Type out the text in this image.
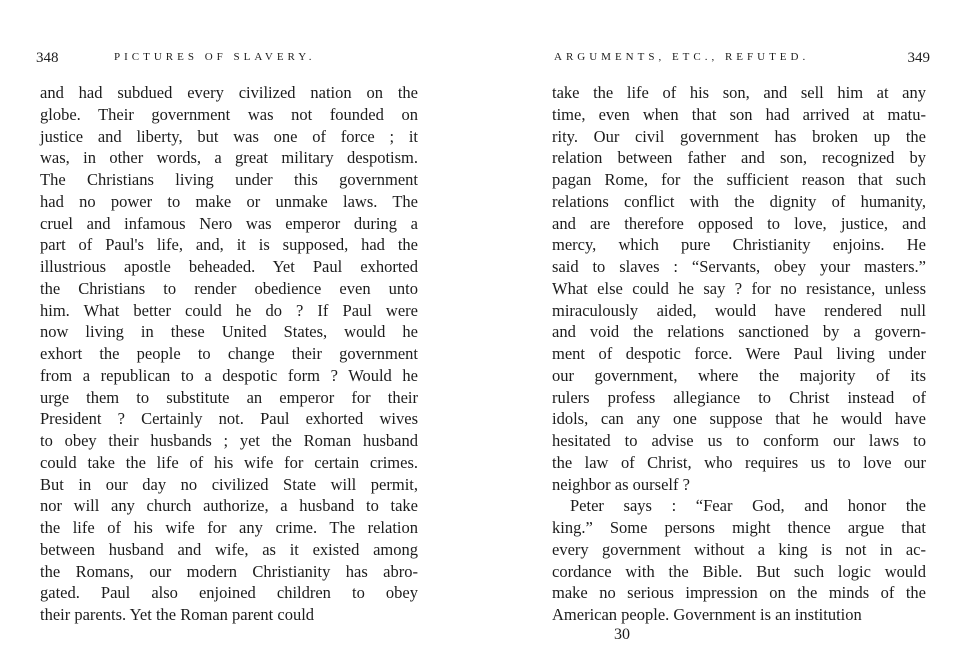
348	PICTURES OF SLAVERY.
and had subdued every civilized nation on the
globe. Their government was not founded on
justice and liberty, but was one of force ; it
was, in other words, a great military despotism.
The Christians living under this government
had no power to make or unmake laws. The
cruel and infamous Nero was emperor during a
part of Paul's life, and, it is supposed, had the
illustrious apostle beheaded. Yet Paul exhorted
the Christians to render obedience even unto
him. What better could he do ? If Paul were
now living in these United States, would he
exhort the people to change their government
from a republican to a despotic form ? Would he
urge them to substitute an emperor for their
President ? Certainly not. Paul exhorted wives
to obey their husbands ; yet the Roman husband
could take the life of his wife for certain crimes.
But in our day no civilized State will permit,
nor will any church authorize, a husband to take
the life of his wife for any crime. The relation
between husband and wife, as it existed among
the Romans, our modern Christianity has abro-
gated. Paul also enjoined children to obey
their parents. Yet the Roman parent could
ARGUMENTS, ETC., REFUTED.	349
take the life of his son, and sell him at any
time, even when that son had arrived at matu-
rity. Our civil government has broken up the
relation between father and son, recognized by
pagan Rome, for the sufficient reason that such
relations conflict with the dignity of humanity,
and are therefore opposed to love, justice, and
mercy, which pure Christianity enjoins. He
said to slaves : “Servants, obey your masters.”
What else could he say ? for no resistance, unless
miraculously aided, would have rendered null
and void the relations sanctioned by a govern-
ment of despotic force. Were Paul living under
our government, where the majority of its
rulers profess allegiance to Christ instead of
idols, can any one suppose that he would have
hesitated to advise us to conform our laws to
the law of Christ, who requires us to love our
neighbor as ourself ?
Peter says : “Fear God, and honor the
king.” Some persons might thence argue that
every government without a king is not in ac-
cordance with the Bible. But such logic would
make no serious impression on the minds of the
American people. Government is an institution
30
